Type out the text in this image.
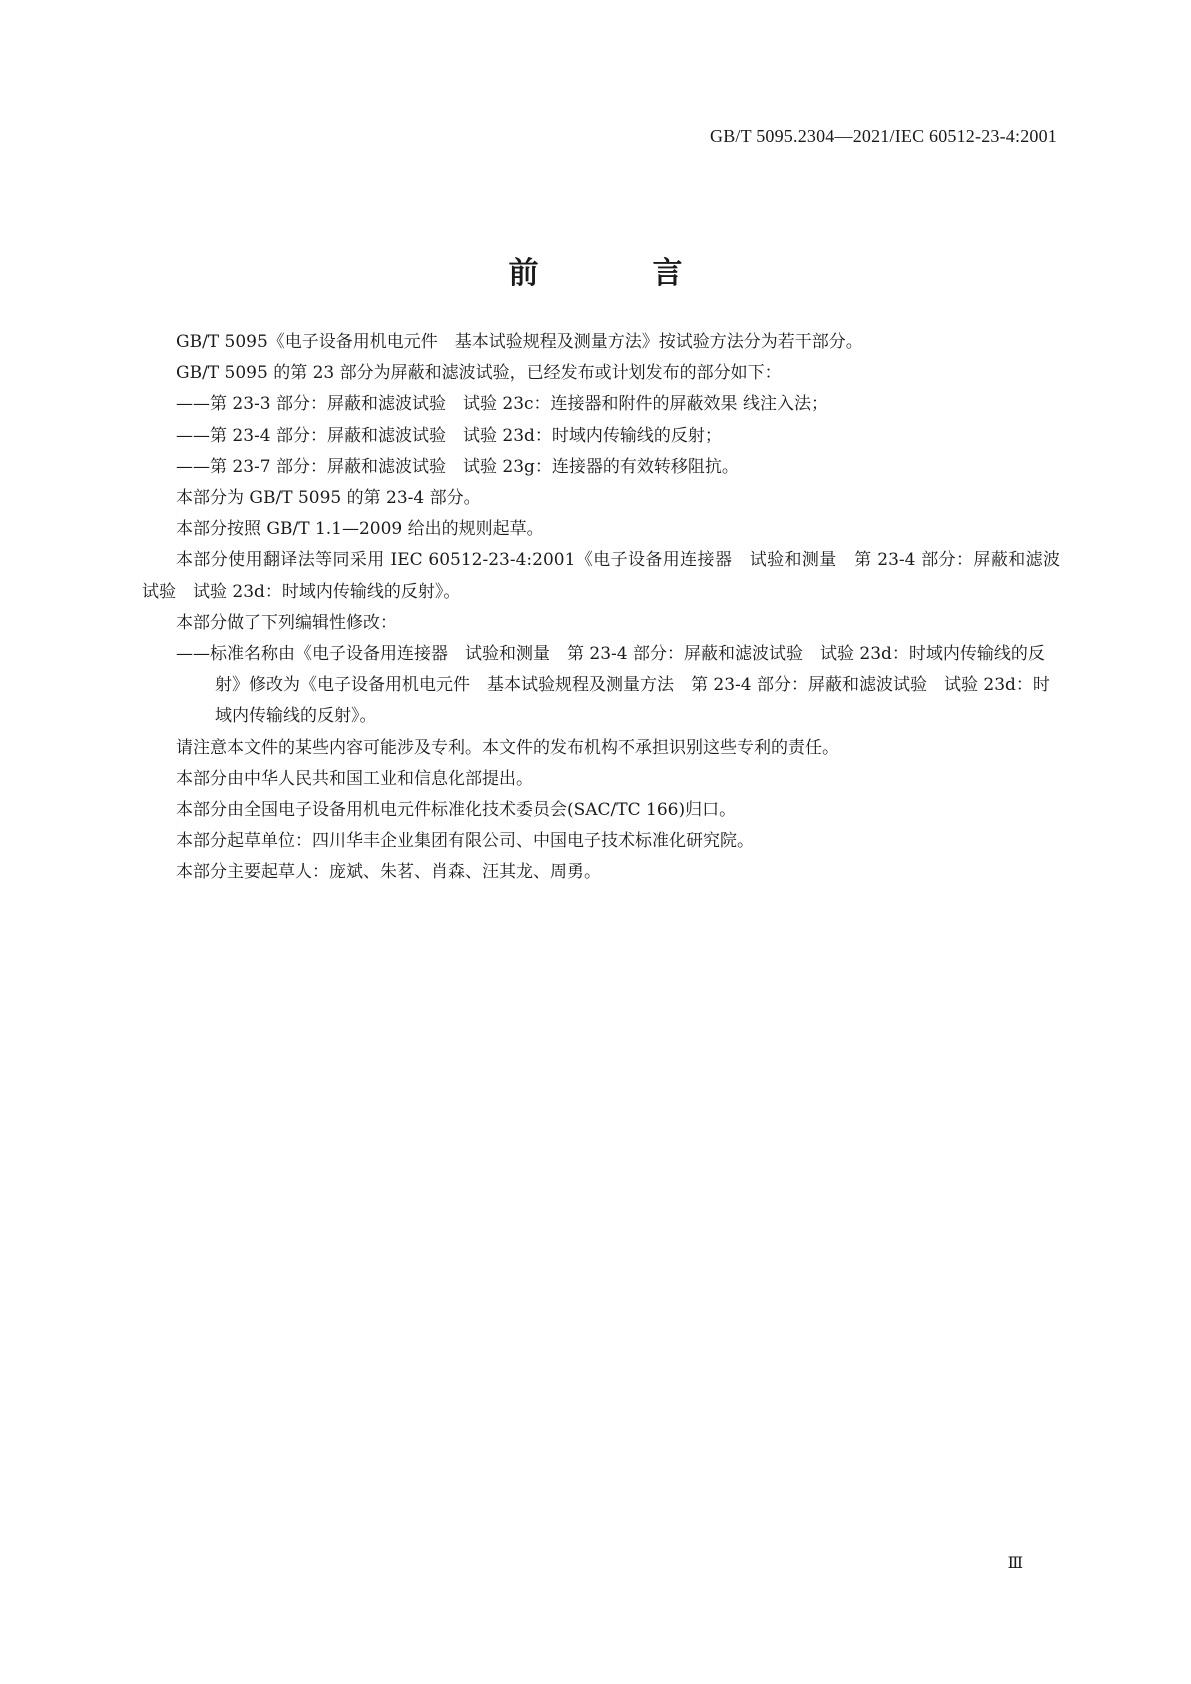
GB/T 5095.2304—2021/IEC 60512-23-4:2001
前　言

GB/T 5095《电子设备用机电元件　基本试验规程及测量方法》按试验方法分为若干部分。

GB/T 5095 的第 23 部分为屏蔽和滤波试验，已经发布或计划发布的部分如下：

——第 23-3 部分：屏蔽和滤波试验　试验 23c：连接器和附件的屏蔽效果 线注入法；

——第 23-4 部分：屏蔽和滤波试验　试验 23d：时域内传输线的反射；

——第 23-7 部分：屏蔽和滤波试验　试验 23g：连接器的有效转移阻抗。

本部分为 GB/T 5095 的第 23-4 部分。

本部分按照 GB/T 1.1—2009 给出的规则起草。

本部分使用翻译法等同采用 IEC 60512-23-4:2001《电子设备用连接器　试验和测量　第 23-4 部分：屏蔽和滤波试验　试验 23d：时域内传输线的反射》。

本部分做了下列编辑性修改：

——标准名称由《电子设备用连接器　试验和测量　第 23-4 部分：屏蔽和滤波试验　试验 23d：时域内传输线的反射》修改为《电子设备用机电元件　基本试验规程及测量方法　第 23-4 部分：屏蔽和滤波试验　试验 23d：时域内传输线的反射》。

请注意本文件的某些内容可能涉及专利。本文件的发布机构不承担识别这些专利的责任。

本部分由中华人民共和国工业和信息化部提出。

本部分由全国电子设备用机电元件标准化技术委员会(SAC/TC 166)归口。

本部分起草单位：四川华丰企业集团有限公司、中国电子技术标准化研究院。

本部分主要起草人：庞斌、朱茗、肖森、汪其龙、周勇。

Ⅲ
